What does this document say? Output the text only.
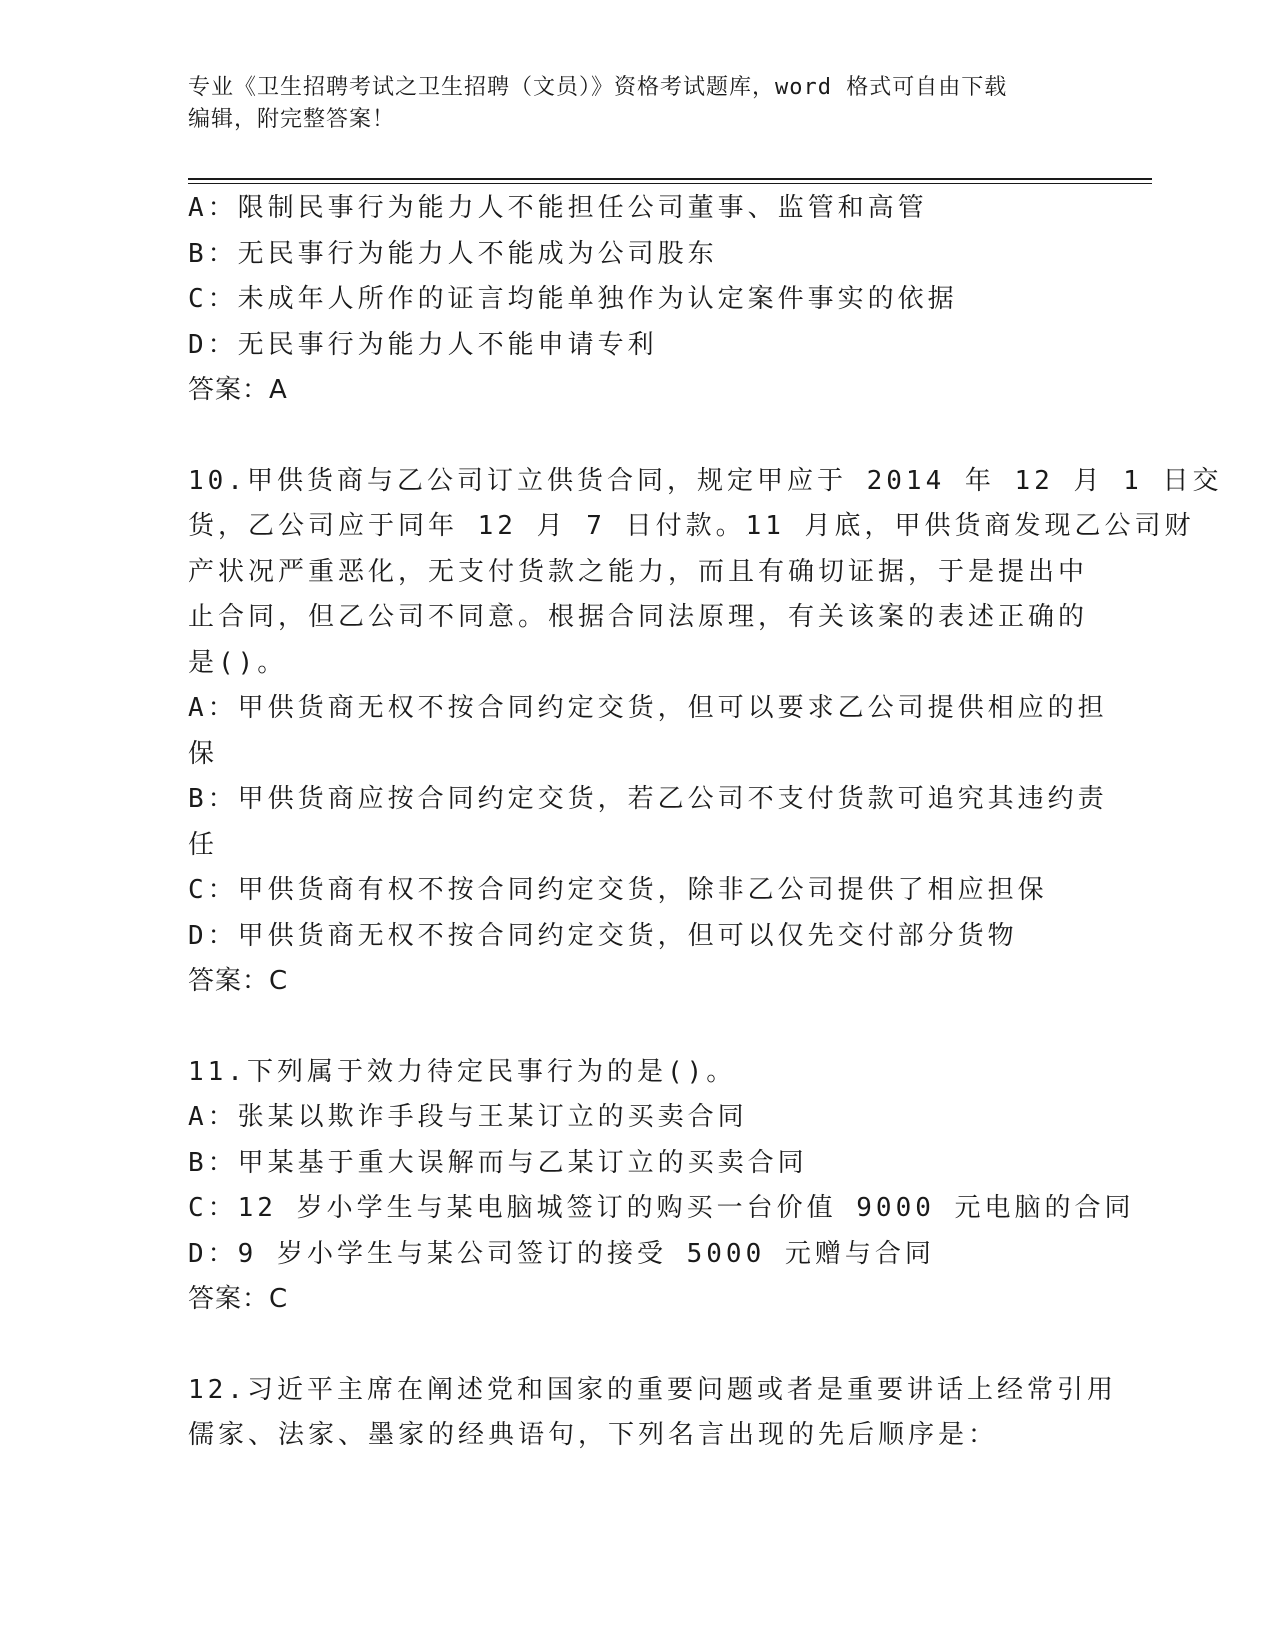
专业《卫生招聘考试之卫生招聘（文员）》资格考试题库，word 格式可自由下载
编辑，附完整答案！
A：限制民事行为能力人不能担任公司董事、监管和高管
B：无民事行为能力人不能成为公司股东
C：未成年人所作的证言均能单独作为认定案件事实的依据
D：无民事行为能力人不能申请专利
答案：A
10.甲供货商与乙公司订立供货合同，规定甲应于 2014 年 12 月 1 日交
货，乙公司应于同年 12 月 7 日付款。11 月底，甲供货商发现乙公司财
产状况严重恶化，无支付货款之能力，而且有确切证据，于是提出中
止合同，但乙公司不同意。根据合同法原理，有关该案的表述正确的
是()。
A：甲供货商无权不按合同约定交货，但可以要求乙公司提供相应的担
保
B：甲供货商应按合同约定交货，若乙公司不支付货款可追究其违约责
任
C：甲供货商有权不按合同约定交货，除非乙公司提供了相应担保
D：甲供货商无权不按合同约定交货，但可以仅先交付部分货物
答案：C
11.下列属于效力待定民事行为的是()。
A：张某以欺诈手段与王某订立的买卖合同
B：甲某基于重大误解而与乙某订立的买卖合同
C：12 岁小学生与某电脑城签订的购买一台价值 9000 元电脑的合同
D：9 岁小学生与某公司签订的接受 5000 元赠与合同
答案：C
12.习近平主席在阐述党和国家的重要问题或者是重要讲话上经常引用
儒家、法家、墨家的经典语句，下列名言出现的先后顺序是：
